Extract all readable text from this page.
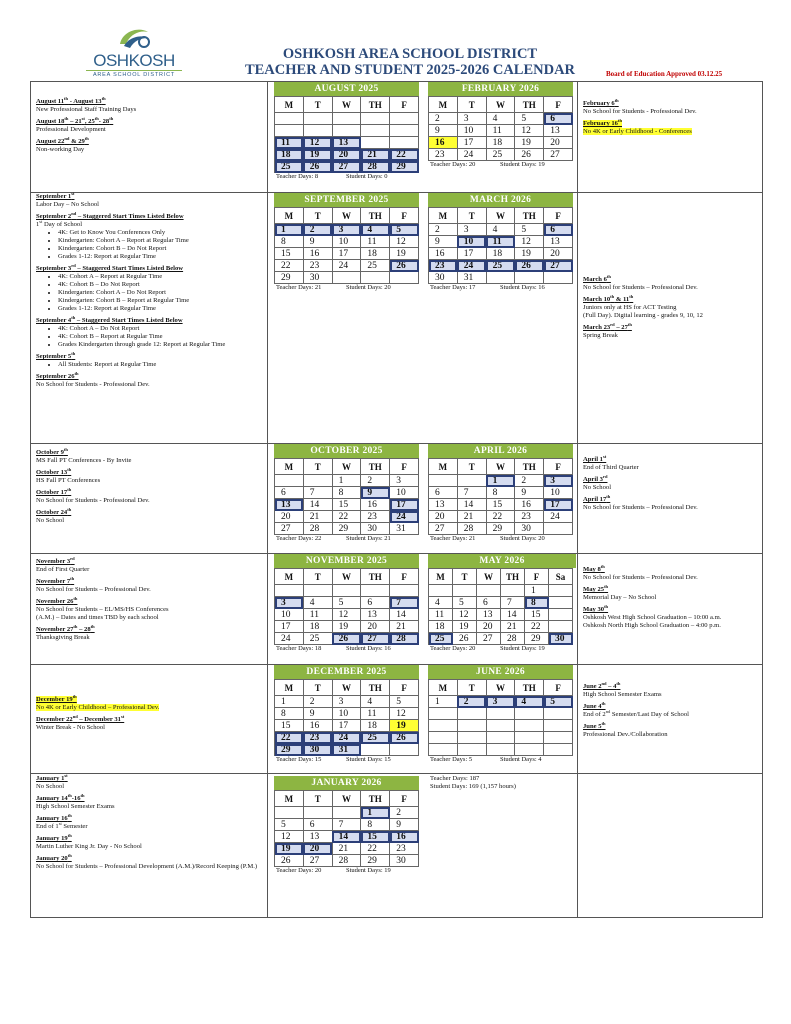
OSHKOSH
AREA SCHOOL DISTRICT
OSHKOSH AREA SCHOOL DISTRICT
TEACHER AND STUDENT 2025-2026 CALENDAR	Board of Education Approved 03.12.25
August 11th - August 13th
New Professional Staff Training Days
August 18th – 21st, 25th- 28th
Professional Development
August 22nd & 29th
Non-working Day
September 1st
Labor Day – No School
September 2nd – Staggered Start Times Listed Below
1st Day of School
• 4K: Get to Know You Conferences Only
• Kindergarten: Cohort A – Report at Regular Time
• Kindergarten: Cohort B – Do Not Report
• Grades 1-12: Report at Regular Time
September 3rd – Staggered Start Times Listed Below
• 4K: Cohort A – Report at Regular Time
• 4K: Cohort B – Do Not Report
• Kindergarten: Cohort A – Do Not Report
• Kindergarten: Cohort B – Report at Regular Time
• Grades 1-12: Report at Regular Time
September 4th – Staggered Start Times Listed Below
• 4K: Cohort A – Do Not Report
• 4K: Cohort B – Report at Regular Time
• Grades Kindergarten through grade 12: Report at Regular Time
September 5th
• All Students: Report at Regular Time
September 26th
No School for Students - Professional Dev.
October 9th
MS Fall PT Conferences - By Invite
October 13th
HS Fall PT Conferences
October 17th
No School for Students - Professional Dev.
October 24th
No School
November 3rd
End of First Quarter
November 7th
No School for Students – Professional Dev.
November 26th
No School for Students – EL/MS/HS Conferences
(A.M.) – Dates and times TBD by each school
November 27th – 28th
Thanksgiving Break
December 19th
No 4K or Early Childhood – Professional Dev.
December 22nd – December 31st
Winter Break - No School
January 1st
No School
January 14th-16th
High School Semester Exams
January 16th
End of 1st Semester
January 19th
Martin Luther King Jr. Day - No School
January 20th
No School for Students – Professional Development (A.M.)/Record Keeping (P.M.)
February 6th
No School for Students - Professional Dev.
February 16th
No 4K or Early Childhood - Conferences
March 6th
No School for Students – Professional Dev.
March 10th & 11th
Juniors only at HS for ACT Testing
(Full Day). Digital learning - grades 9, 10, 12
March 23rd – 27th
Spring Break
April 1st
End of Third Quarter
April 3rd
No School
April 17th
No School for Students – Professional Dev.
May 8th
No School for Students – Professional Dev.
May 25th
Memorial Day – No School
May 30th
Oshkosh West High School Graduation – 10:00 a.m.
Oshkosh North High School Graduation – 4:00 p.m.
June 2nd – 4th
High School Semester Exams
June 4th
End of 2nd Semester/Last Day of School
June 5th
Professional Dev./Collaboration
Teacher Days: 187
Student Days: 169 (1,157 hours)
AUGUST 2025
M	T	W	TH	F

11	12	13		
18	19	20	21	22
25	26	27	28	29
Teacher Days: 8	Student Days: 0
SEPTEMBER 2025
M	T	W	TH	F
1	2	3	4	5
8	9	10	11	12
15	16	17	18	19
22	23	24	25	26
29	30			
Teacher Days: 21	Student Days: 20
OCTOBER 2025
M	T	W	TH	F
		1	2	3
6	7	8	9	10
13	14	15	16	17
20	21	22	23	24
27	28	29	30	31
Teacher Days: 22	Student Days: 21
NOVEMBER 2025
M	T	W	TH	F

3	4	5	6	7
10	11	12	13	14
17	18	19	20	21
24	25	26	27	28
Teacher Days: 18	Student Days: 16
DECEMBER 2025
M	T	W	TH	F
1	2	3	4	5
8	9	10	11	12
15	16	17	18	19
22	23	24	25	26
29	30	31		
Teacher Days: 15	Student Days: 15
JANUARY 2026
M	T	W	TH	F
			1	2
5	6	7	8	9
12	13	14	15	16
19	20	21	22	23
26	27	28	29	30
Teacher Days: 20	Student Days: 19
FEBRUARY 2026
M	T	W	TH	F
2	3	4	5	6
9	10	11	12	13
16	17	18	19	20
23	24	25	26	27
Teacher Days: 20	Student Days: 19
MARCH 2026
M	T	W	TH	F
2	3	4	5	6
9	10	11	12	13
16	17	18	19	20
23	24	25	26	27
30	31			
Teacher Days: 17	Student Days: 16
APRIL 2026
M	T	W	TH	F
		1	2	3
6	7	8	9	10
13	14	15	16	17
20	21	22	23	24
27	28	29	30	
Teacher Days: 21	Student Days: 20
MAY 2026
M	T	W	TH	F	Sa
				1	
4	5	6	7	8	
11	12	13	14	15	
18	19	20	21	22	
25	26	27	28	29	30
Teacher Days: 20	Student Days: 19
JUNE 2026
M	T	W	TH	F
1	2	3	4	5

Teacher Days: 5	Student Days: 4
